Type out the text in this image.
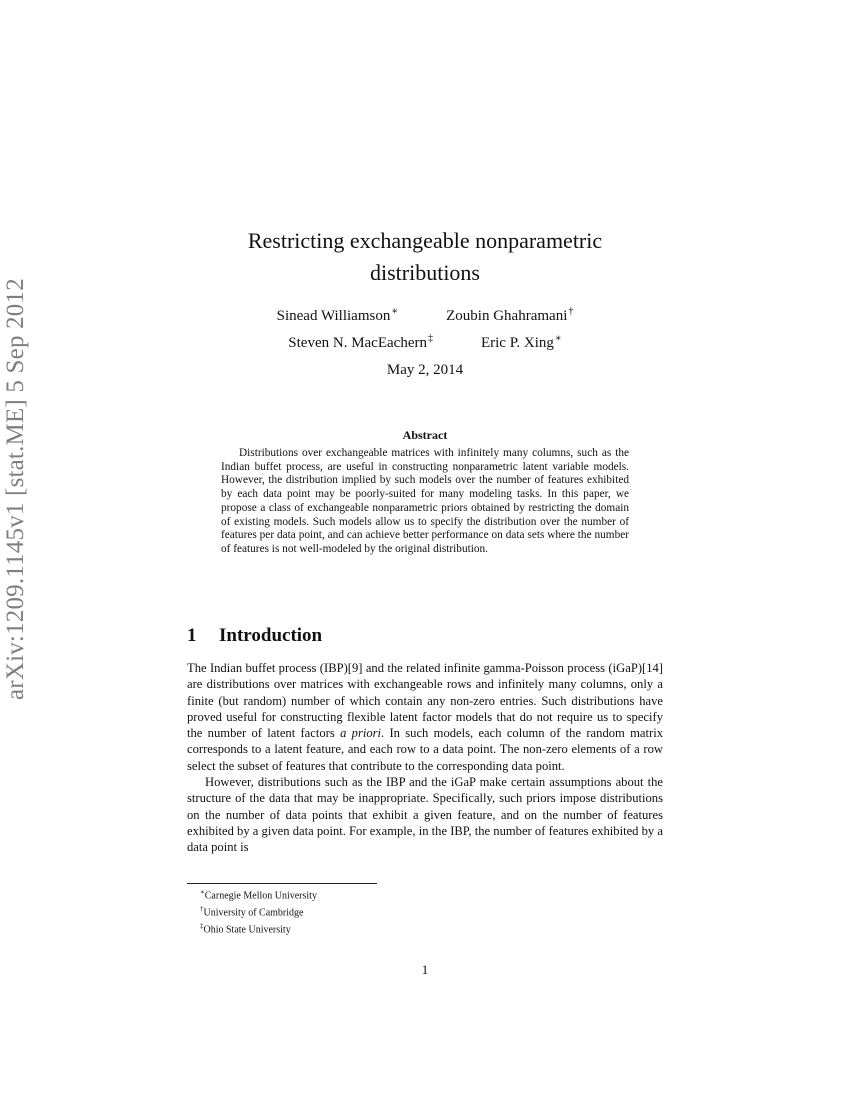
arXiv:1209.1145v1 [stat.ME] 5 Sep 2012
Restricting exchangeable nonparametric
distributions
Sinead Williamson∗	Zoubin Ghahramani†
Steven N. MacEachern‡	Eric P. Xing∗
May 2, 2014
Abstract

Distributions over exchangeable matrices with infinitely many columns, such as the Indian buffet process, are useful in constructing nonparametric latent variable models. However, the distribution implied by such models over the number of features exhibited by each data point may be poorly-suited for many modeling tasks. In this paper, we propose a class of exchangeable nonparametric priors obtained by restricting the domain of existing models. Such models allow us to specify the distribution over the number of features per data point, and can achieve better performance on data sets where the number of features is not well-modeled by the original distribution.

1 Introduction

The Indian buffet process (IBP)[9] and the related infinite gamma-Poisson process (iGaP)[14] are distributions over matrices with exchangeable rows and infinitely many columns, only a finite (but random) number of which contain any non-zero entries. Such distributions have proved useful for constructing flexible latent factor models that do not require us to specify the number of latent factors a priori. In such models, each column of the random matrix corresponds to a latent feature, and each row to a data point. The non-zero elements of a row select the subset of features that contribute to the corresponding data point.

However, distributions such as the IBP and the iGaP make certain assumptions about the structure of the data that may be inappropriate. Specifically, such priors impose distributions on the number of data points that exhibit a given feature, and on the number of features exhibited by a given data point. For example, in the IBP, the number of features exhibited by a data point is

∗Carnegie Mellon University
†University of Cambridge
‡Ohio State University
1
